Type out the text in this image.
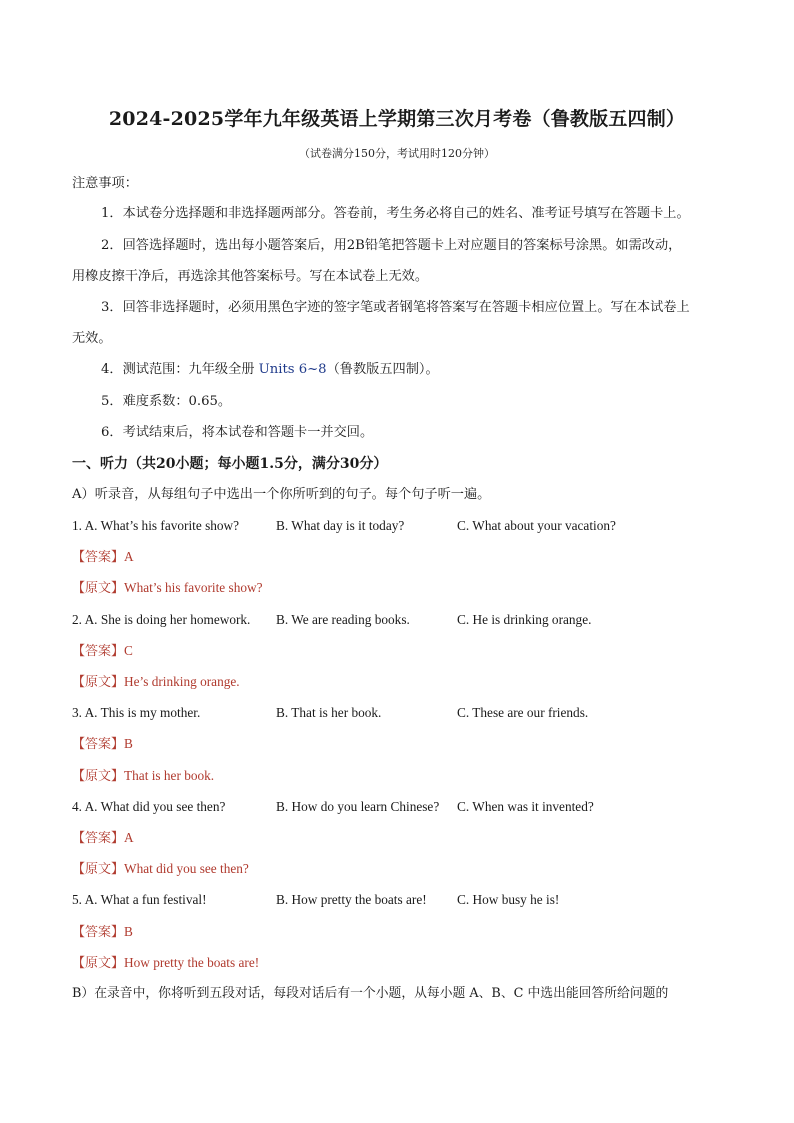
2024-2025学年九年级英语上学期第三次月考卷（鲁教版五四制）
（试卷满分150分，考试用时120分钟）
注意事项：
1．本试卷分选择题和非选择题两部分。答卷前，考生务必将自己的姓名、准考证号填写在答题卡上。
2．回答选择题时，选出每小题答案后，用2B铅笔把答题卡上对应题目的答案标号涂黑。如需改动，
用橡皮擦干净后，再选涂其他答案标号。写在本试卷上无效。
3．回答非选择题时，必须用黑色字迹的签字笔或者钢笔将答案写在答题卡相应位置上。写在本试卷上
无效。
4．测试范围：九年级全册 Units 6~8（鲁教版五四制）。
5．难度系数：0.65。
6．考试结束后，将本试卷和答题卡一并交回。
一、听力（共20小题；每小题1.5分，满分30分）
A）听录音，从每组句子中选出一个你所听到的句子。每个句子听一遍。
1. A. What’s his favorite show?	B. What day is it today?	C. What about your vacation?
【答案】A
【原文】What’s his favorite show?
2. A. She is doing her homework. B. We are reading books.	C. He is drinking orange.
【答案】C
【原文】He’s drinking orange.
3. A. This is my mother.	B. That is her book.	C. These are our friends.
【答案】B
【原文】That is her book.
4. A. What did you see then?	B. How do you learn Chinese? C. When was it invented?
【答案】A
【原文】What did you see then?
5. A. What a fun festival!	B. How pretty the boats are! C. How busy he is!
【答案】B
【原文】How pretty the boats are!
B）在录音中，你将听到五段对话，每段对话后有一个小题，从每小题 A、B、C 中选出能回答所给问题的
